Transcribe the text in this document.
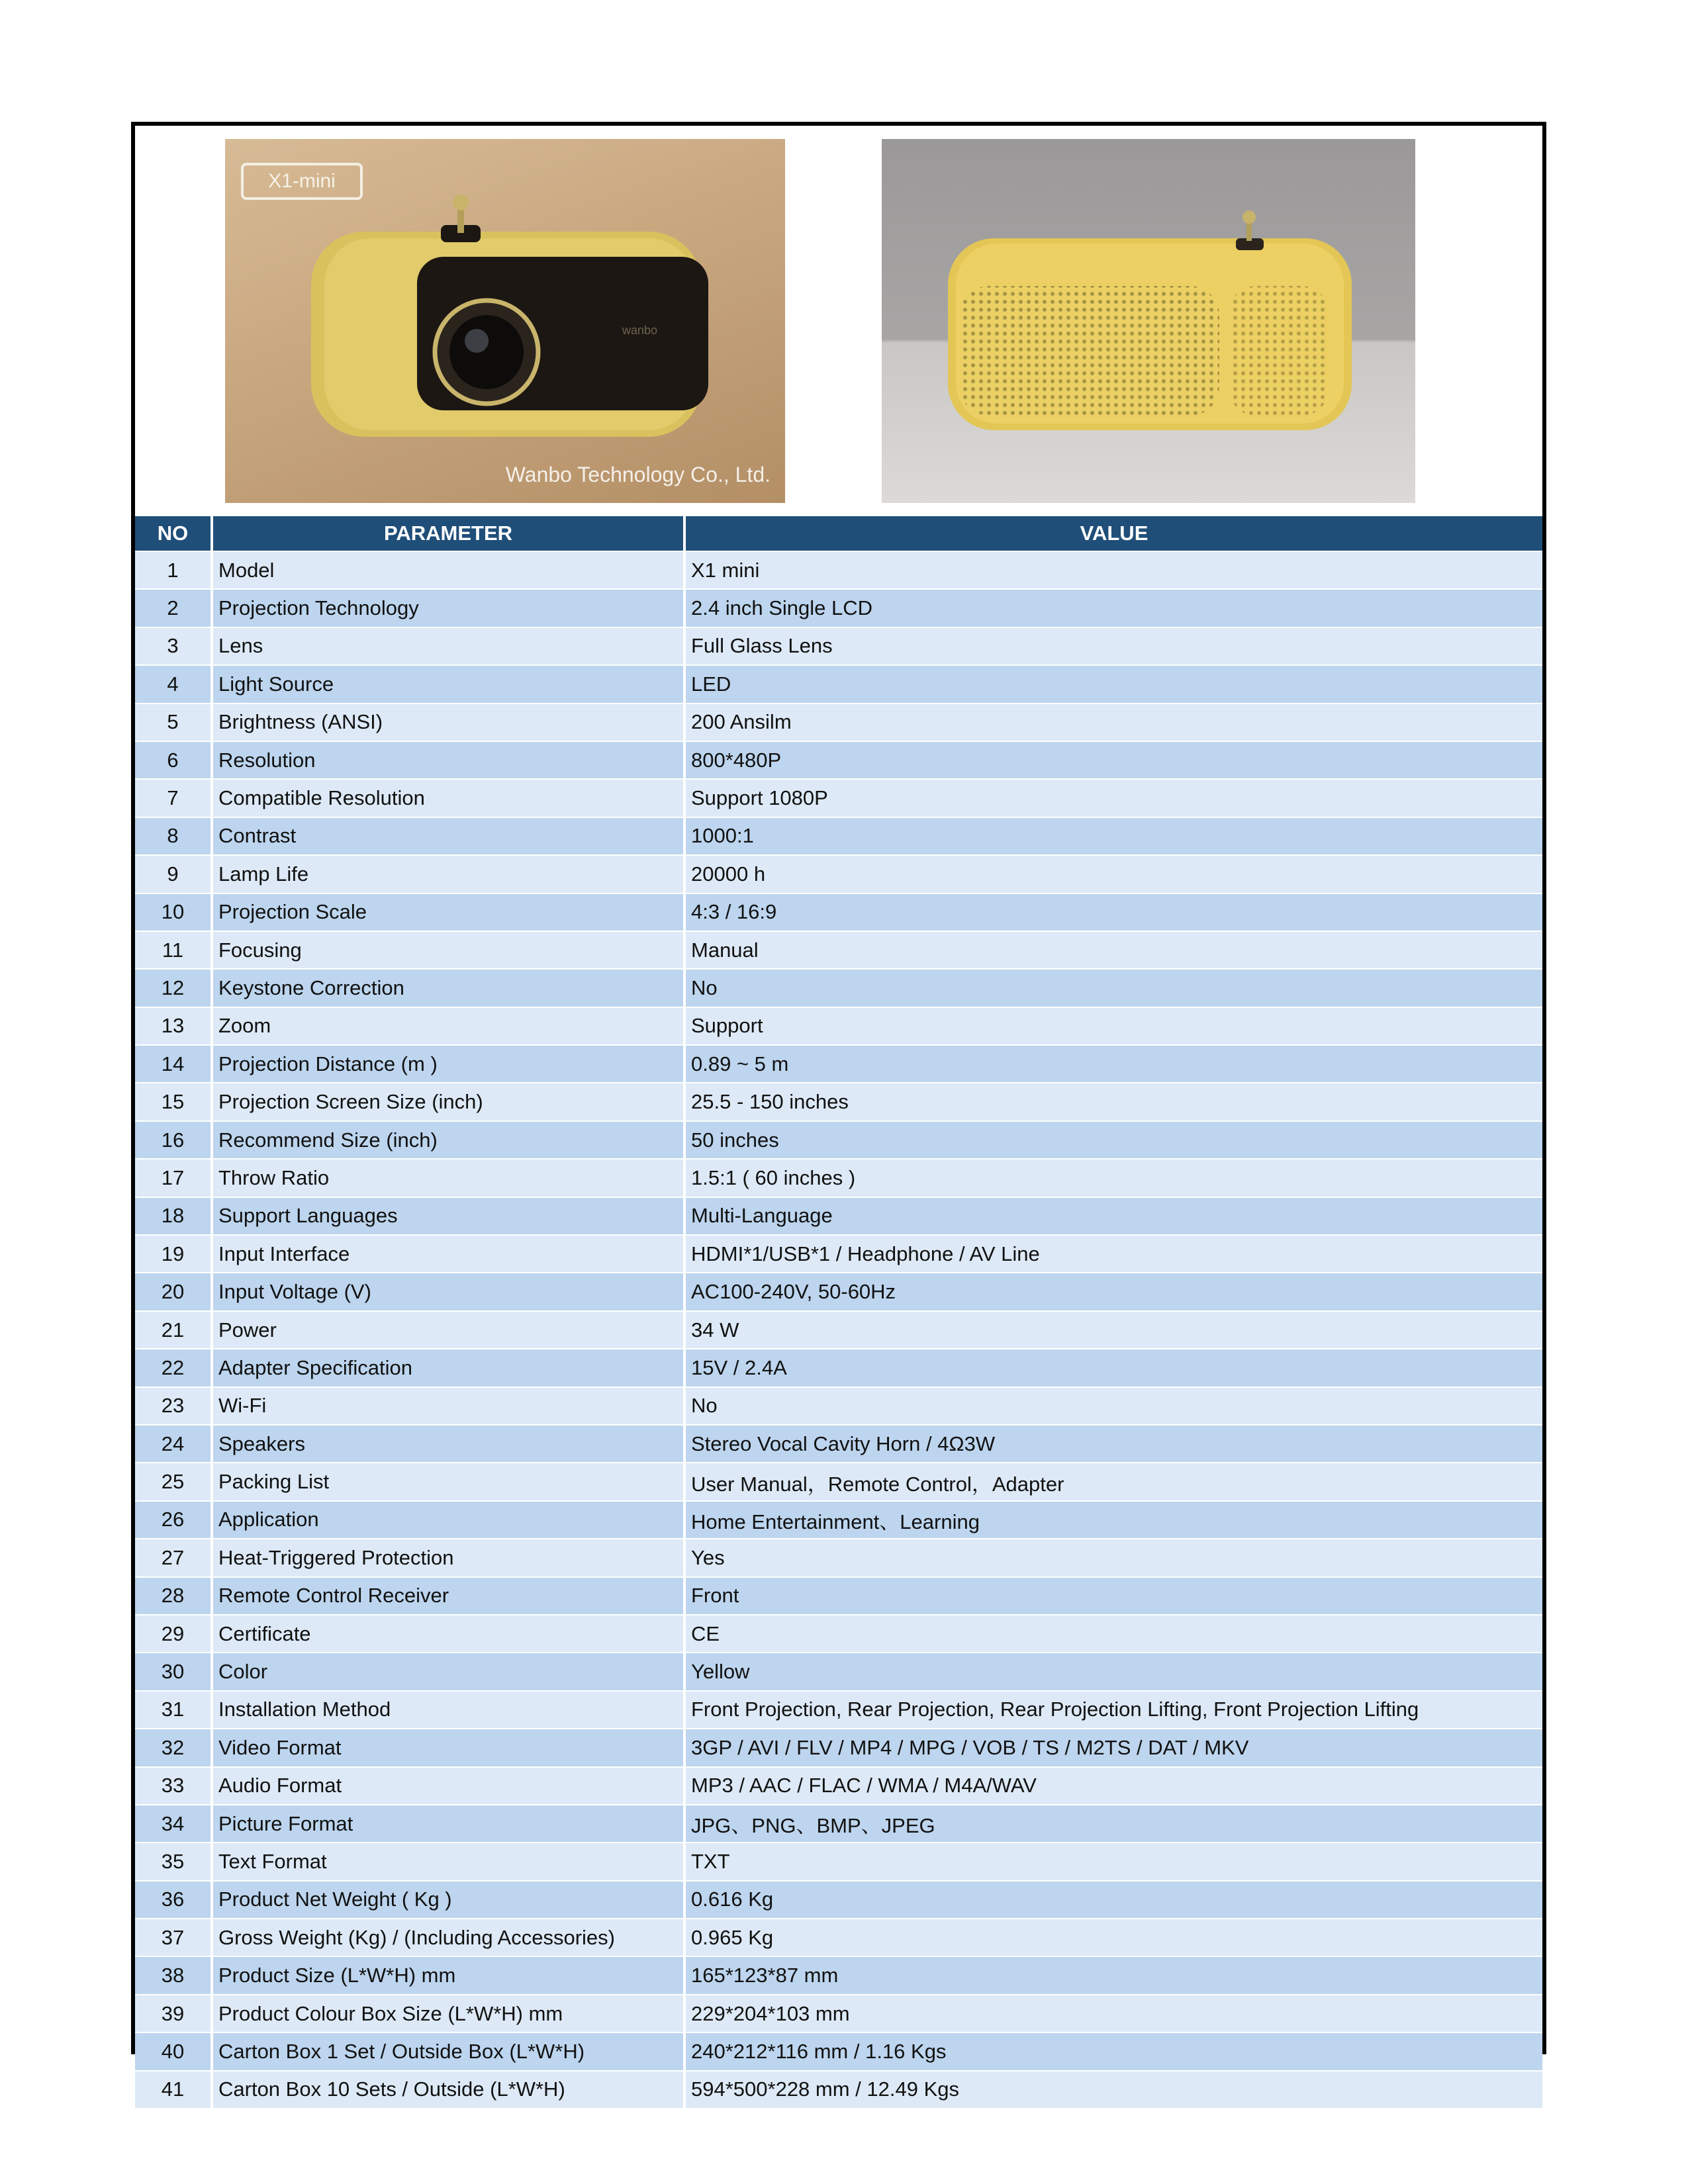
wanbo
X1-mini
Wanbo Technology Co., Ltd.
NO	PARAMETER	VALUE
1	Model	X1 mini
2	Projection Technology	2.4 inch Single LCD
3	Lens	Full Glass Lens
4	Light Source	LED
5	Brightness (ANSI)	200 Ansilm
6	Resolution	800*480P
7	Compatible Resolution	Support 1080P
8	Contrast	1000:1
9	Lamp Life	20000 h
10	Projection Scale	4:3 / 16:9
11	Focusing	Manual
12	Keystone Correction	No
13	Zoom	Support
14	Projection Distance (m )	0.89 ~ 5 m
15	Projection Screen Size (inch)	25.5 - 150 inches
16	Recommend Size (inch)	50 inches
17	Throw Ratio	1.5:1 ( 60 inches )
18	Support Languages	Multi-Language
19	Input Interface	HDMI*1/USB*1 / Headphone / AV Line
20	Input Voltage (V)	AC100-240V, 50-60Hz
21	Power	34 W
22	Adapter Specification	15V / 2.4A
23	Wi-Fi	No
24	Speakers	Stereo Vocal Cavity Horn / 4Ω3W
25	Packing List	User Manual，Remote Control，Adapter
26	Application	Home Entertainment、Learning
27	Heat-Triggered Protection	Yes
28	Remote Control Receiver	Front
29	Certificate	CE
30	Color	Yellow
31	Installation Method	Front Projection, Rear Projection, Rear Projection Lifting, Front Projection Lifting
32	Video Format	3GP / AVI / FLV / MP4 / MPG / VOB / TS / M2TS / DAT / MKV
33	Audio Format	MP3 / AAC / FLAC / WMA / M4A/WAV
34	Picture Format	JPG、PNG、BMP、JPEG
35	Text Format	TXT
36	Product Net Weight ( Kg )	0.616 Kg
37	Gross Weight (Kg) / (Including Accessories)	0.965 Kg
38	Product Size (L*W*H) mm	165*123*87 mm
39	Product Colour Box Size (L*W*H) mm	229*204*103 mm
40	Carton Box 1 Set / Outside Box (L*W*H)	240*212*116 mm / 1.16 Kgs
41	Carton Box 10 Sets / Outside (L*W*H)	594*500*228 mm / 12.49 Kgs
